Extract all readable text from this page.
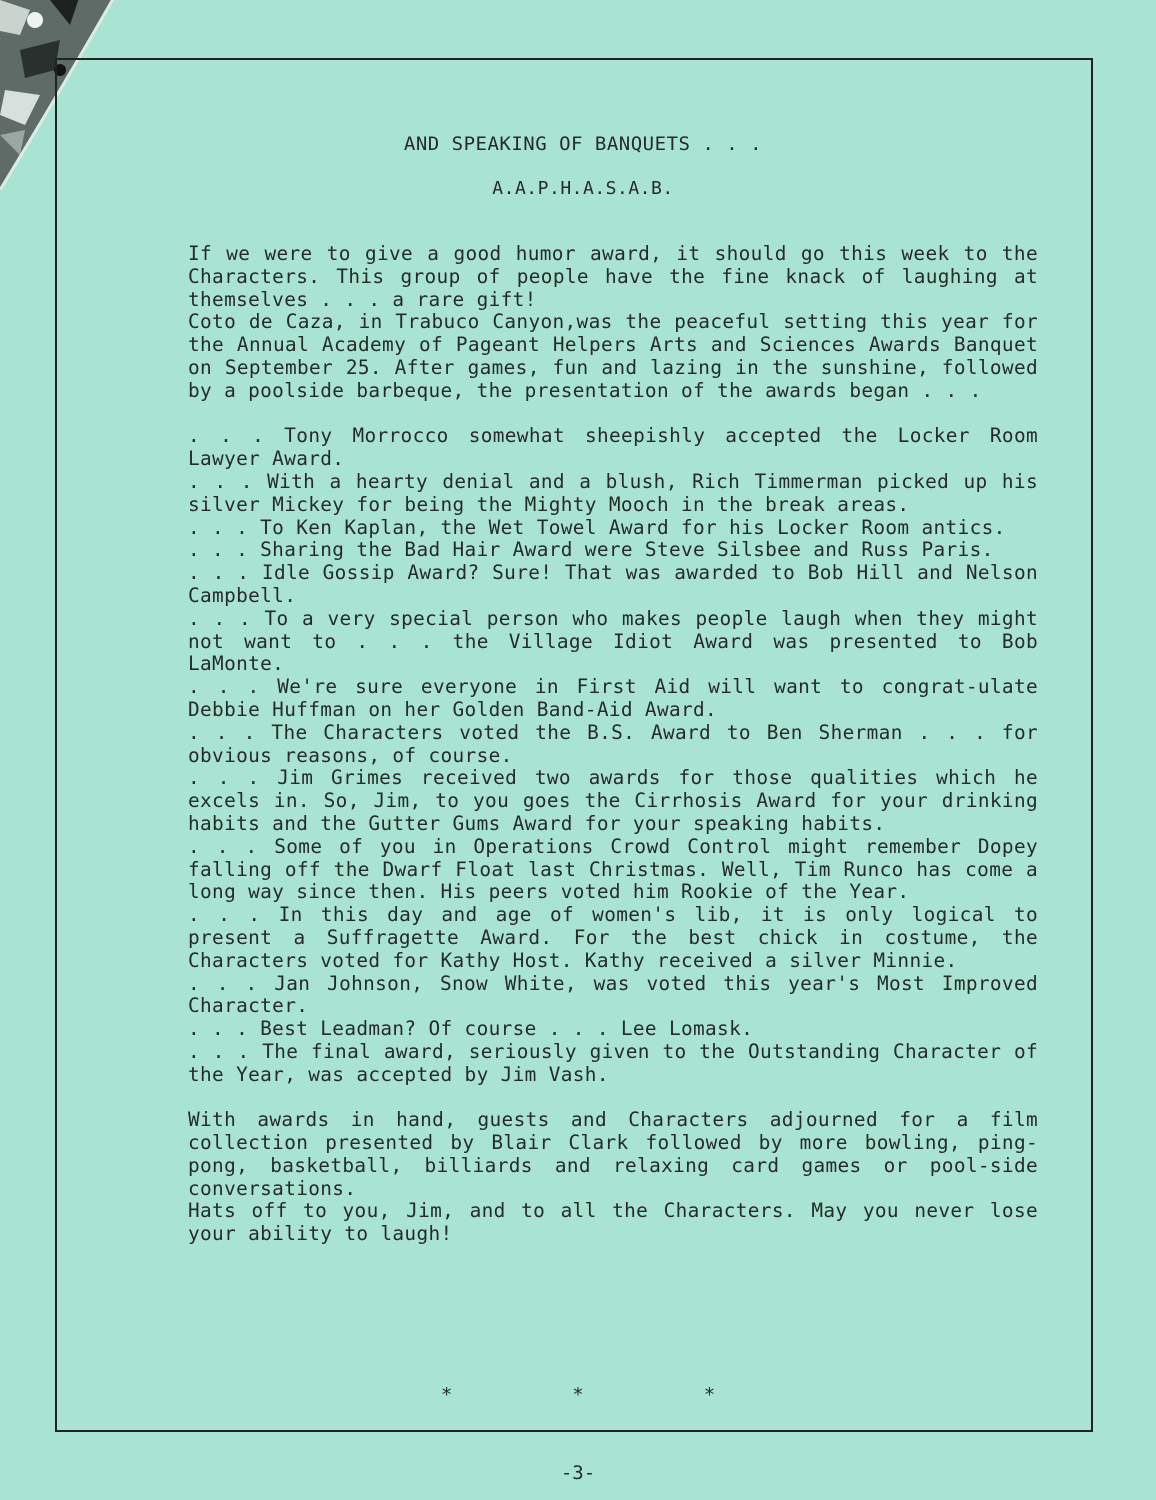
AND SPEAKING OF BANQUETS . . .
A.A.P.H.A.S.A.B.
If we were to give a good humor award, it should go this week to the Characters. This group of people have the fine knack of laughing at themselves . . . a rare gift!
Coto de Caza, in Trabuco Canyon,was the peaceful setting this year for the Annual Academy of Pageant Helpers Arts and Sciences Awards Banquet on September 25. After games, fun and lazing in the sunshine, followed by a poolside barbeque, the presentation of the awards began . . .
. . . Tony Morrocco somewhat sheepishly accepted the Locker Room Lawyer Award.
. . . With a hearty denial and a blush, Rich Timmerman picked up his silver Mickey for being the Mighty Mooch in the break areas.
. . . To Ken Kaplan, the Wet Towel Award for his Locker Room antics.
. . . Sharing the Bad Hair Award were Steve Silsbee and Russ Paris.
. . . Idle Gossip Award? Sure! That was awarded to Bob Hill and Nelson Campbell.
. . . To a very special person who makes people laugh when they might not want to . . . the Village Idiot Award was presented to Bob LaMonte.
. . . We're sure everyone in First Aid will want to congrat-ulate Debbie Huffman on her Golden Band-Aid Award.
. . . The Characters voted the B.S. Award to Ben Sherman . . . for obvious reasons, of course.
. . . Jim Grimes received two awards for those qualities which he excels in. So, Jim, to you goes the Cirrhosis Award for your drinking habits and the Gutter Gums Award for your speaking habits.
. . . Some of you in Operations Crowd Control might remember Dopey falling off the Dwarf Float last Christmas. Well, Tim Runco has come a long way since then. His peers voted him Rookie of the Year.
. . . In this day and age of women's lib, it is only logical to present a Suffragette Award. For the best chick in costume, the Characters voted for Kathy Host. Kathy received a silver Minnie.
. . . Jan Johnson, Snow White, was voted this year's Most Improved Character.
. . . Best Leadman? Of course . . . Lee Lomask.
. . . The final award, seriously given to the Outstanding Character of the Year, was accepted by Jim Vash.
With awards in hand, guests and Characters adjourned for a film collection presented by Blair Clark followed by more bowling, ping-pong, basketball, billiards and relaxing card games or pool-side conversations.
Hats off to you, Jim, and to all the Characters. May you never lose your ability to laugh!
*	*	*
-3-
